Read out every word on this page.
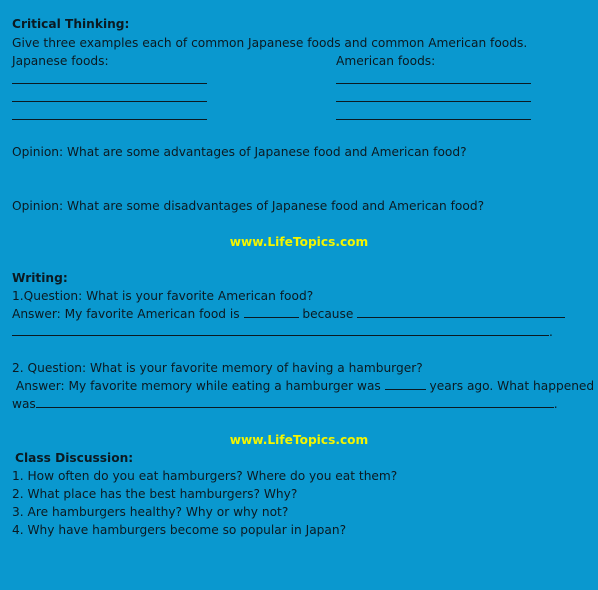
Critical Thinking:
Give three examples each of common Japanese foods and common American foods.
Japanese foods:	American foods:
Opinion: What are some advantages of Japanese food and American food?
Opinion: What are some disadvantages of Japanese food and American food?
www.LifeTopics.com
Writing:
1.Question: What is your favorite American food?
Answer: My favorite American food is	because
.
2. Question: What is your favorite memory of having a hamburger?
Answer: My favorite memory while eating a hamburger was	years ago. What happened
was	.
www.LifeTopics.com
Class Discussion:
1. How often do you eat hamburgers? Where do you eat them?
2. What place has the best hamburgers? Why?
3. Are hamburgers healthy? Why or why not?
4. Why have hamburgers become so popular in Japan?
